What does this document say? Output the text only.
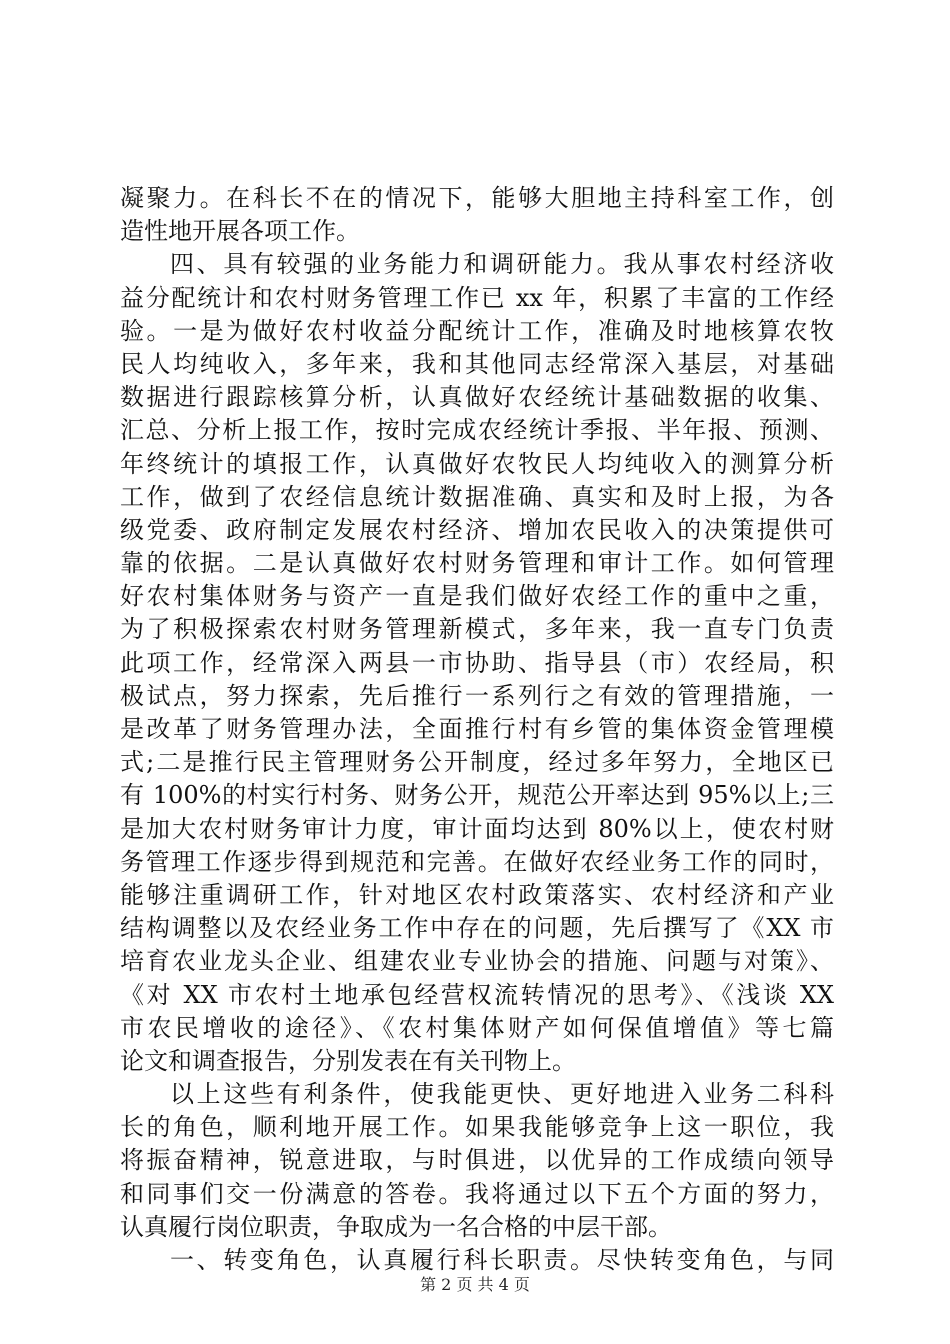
凝聚力。在科长不在的情况下，能够大胆地主持科室工作，创
造性地开展各项工作。
四、具有较强的业务能力和调研能力。我从事农村经济收
益分配统计和农村财务管理工作已 xx 年，积累了丰富的工作经
验。一是为做好农村收益分配统计工作，准确及时地核算农牧
民人均纯收入，多年来，我和其他同志经常深入基层，对基础
数据进行跟踪核算分析，认真做好农经统计基础数据的收集、
汇总、分析上报工作，按时完成农经统计季报、半年报、预测、
年终统计的填报工作，认真做好农牧民人均纯收入的测算分析
工作，做到了农经信息统计数据准确、真实和及时上报，为各
级党委、政府制定发展农村经济、增加农民收入的决策提供可
靠的依据。二是认真做好农村财务管理和审计工作。如何管理
好农村集体财务与资产一直是我们做好农经工作的重中之重，
为了积极探索农村财务管理新模式，多年来，我一直专门负责
此项工作，经常深入两县一市协助、指导县（市）农经局，积
极试点，努力探索，先后推行一系列行之有效的管理措施，一
是改革了财务管理办法，全面推行村有乡管的集体资金管理模
式;二是推行民主管理财务公开制度，经过多年努力，全地区已
有 100%的村实行村务、财务公开，规范公开率达到 95%以上;三
是加大农村财务审计力度，审计面均达到 80%以上，使农村财
务管理工作逐步得到规范和完善。在做好农经业务工作的同时，
能够注重调研工作，针对地区农村政策落实、农村经济和产业
结构调整以及农经业务工作中存在的问题，先后撰写了《XX 市
培育农业龙头企业、组建农业专业协会的措施、问题与对策》、
《对 XX 市农村土地承包经营权流转情况的思考》、《浅谈 XX
市农民增收的途径》、《农村集体财产如何保值增值》等七篇
论文和调查报告，分别发表在有关刊物上。
以上这些有利条件，使我能更快、更好地进入业务二科科
长的角色，顺利地开展工作。如果我能够竞争上这一职位，我
将振奋精神，锐意进取，与时俱进，以优异的工作成绩向领导
和同事们交一份满意的答卷。我将通过以下五个方面的努力，
认真履行岗位职责，争取成为一名合格的中层干部。
一、转变角色，认真履行科长职责。尽快转变角色，与同
第 2 页 共 4 页
